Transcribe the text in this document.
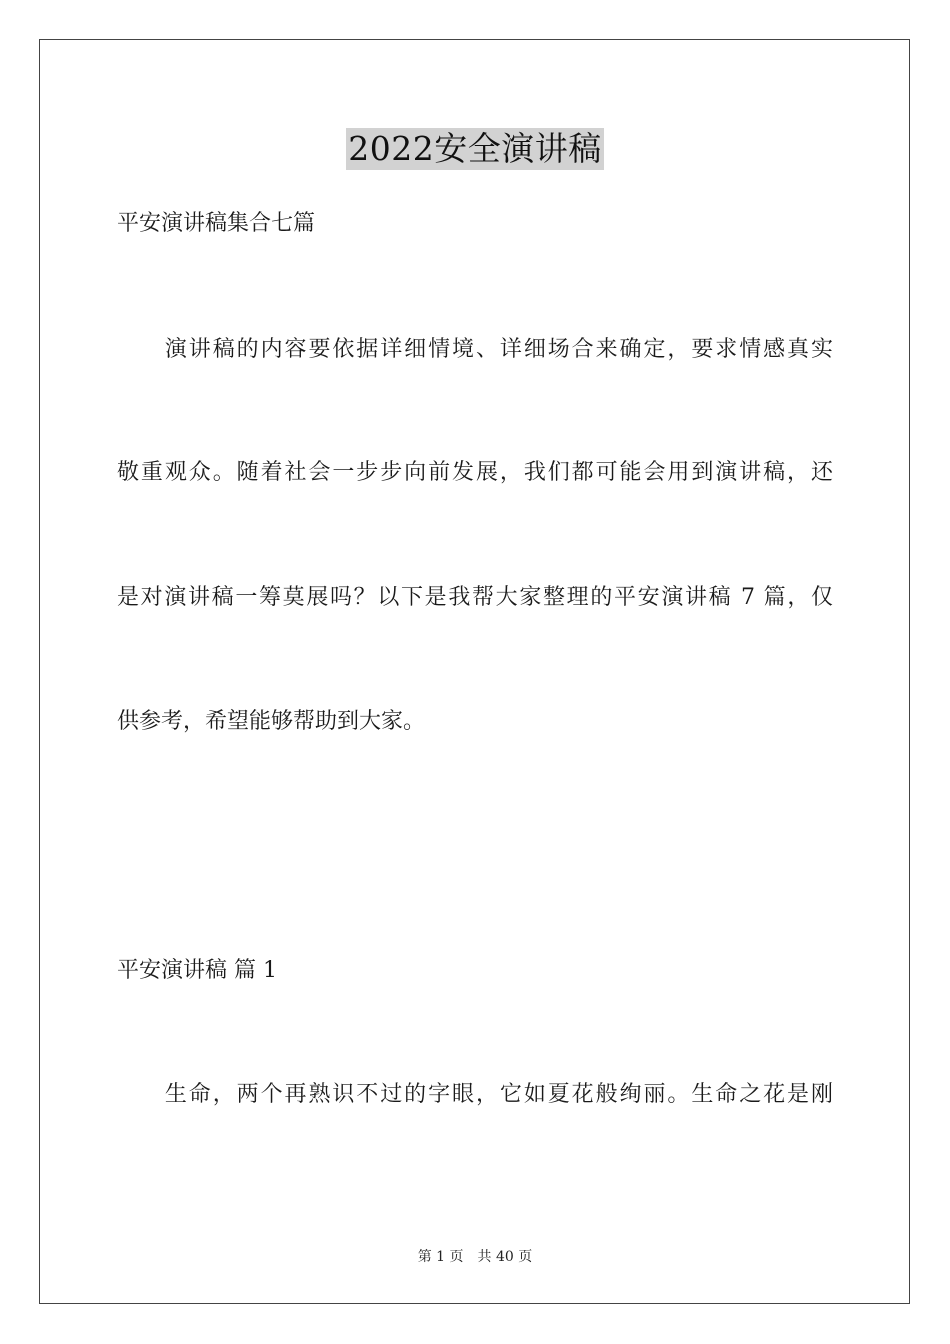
2022安全演讲稿
平安演讲稿集合七篇
　　演讲稿的内容要依据详细情境、详细场合来确定，要求情感真实
敬重观众。随着社会一步步向前发展，我们都可能会用到演讲稿，还
是对演讲稿一筹莫展吗？以下是我帮大家整理的平安演讲稿 7 篇，仅
供参考，希望能够帮助到大家。
平安演讲稿 篇 1
　　生命，两个再熟识不过的字眼，它如夏花般绚丽。生命之花是刚
第 1 页 共 40 页
